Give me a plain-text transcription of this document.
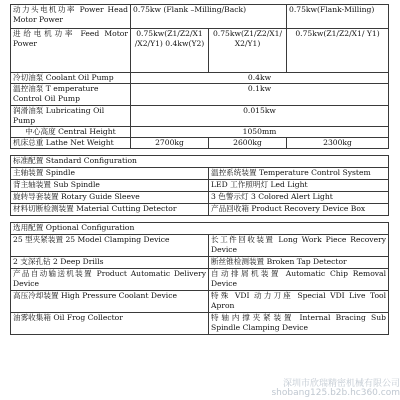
动力头电机功率 Power Head Motor Power	0.75kw (Flank –Milling/Back)		0.75kw(Flank-Milling)
进给电机功率 Feed Motor Power	0.75kw(Z1/Z2/X1 /X2/Y1) 0.4kw(Y2)	0.75kw(Z1/Z2/X1/ X2/Y1)	0.75kw(Z1/Z2/X1/ Y1)
冷切油泵 Coolant Oil Pump	0.4kw		
温控油泵 T emperature Control Oil Pump	0.1kw		
润滑油泵 Lubricating Oil Pump	0.015kw		
中心高度 Central Height	1050mm		
机床总重 Lathe Net Weight	2700kg	2600kg	2300kg
标准配置 Standard Configuration	
主轴装置 Spindle	温控系统装置 Temperature Control System
背主轴装置 Sub Spindle	LED 工作照明灯 Led Light
旋转导套装置 Rotary Guide Sleeve	3 色警示灯 3 Colored Alert Light
材料切断检测装置 Material Cutting Detector	产品回收箱 Product Recovery Device Box
选用配置 Optional Configuration	
25 型夹紧装置 25 Model Clamping Device	长工件回收装置 Long Work Piece Recovery Device
2 支深孔钻 2 Deep Drills	断丝锥检测装置 Broken Tap Detector
产品自动输送机装置 Product Automatic Delivery Device	自动排屑机装置 Automatic Chip Removal Device
高压冷却装置 High Pressure Coolant Device	特殊 VDI 动力刀座 Special VDI Live Tool Apron
油雾收集箱 Oil Frog Collector	特轴内撑夹紧装置 Internal Bracing Sub Spindle Clamping Device
深圳市欣瑞精密机械有限公司
shobang125.b2b.hc360.com
